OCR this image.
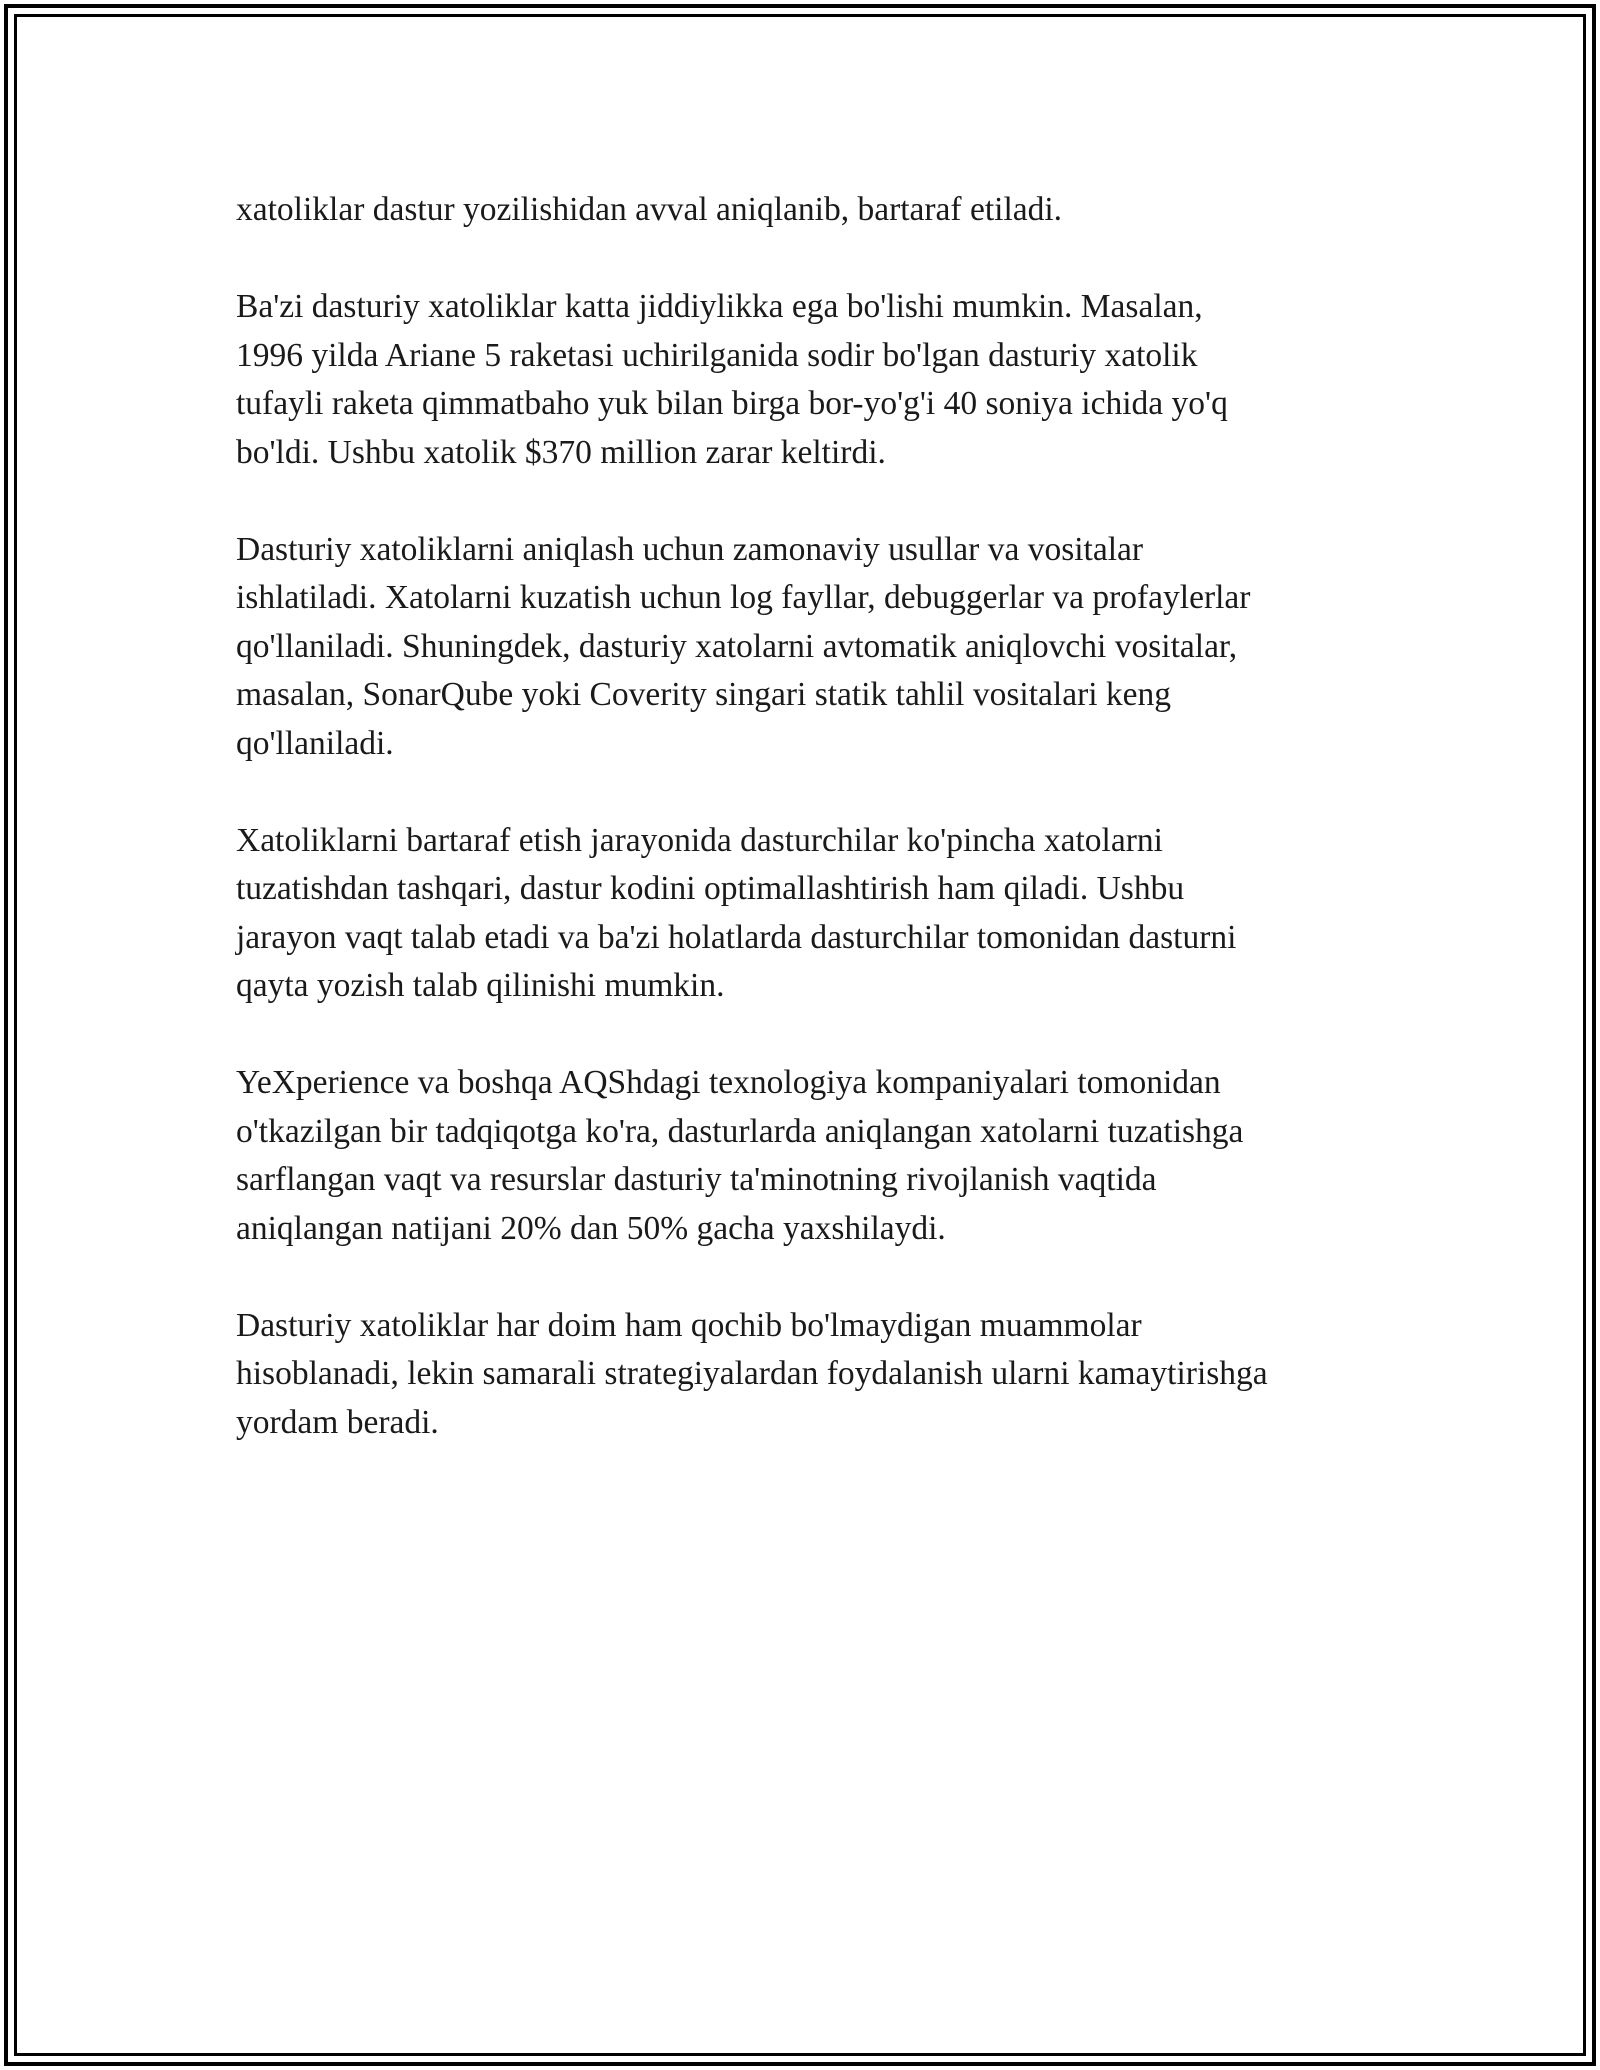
xatoliklar dastur yozilishidan avval aniqlanib, bartaraf etiladi.

Ba'zi dasturiy xatoliklar katta jiddiylikka ega bo'lishi mumkin. Masalan,
1996 yilda Ariane 5 raketasi uchirilganida sodir bo'lgan dasturiy xatolik
tufayli raketa qimmatbaho yuk bilan birga bor-yo'g'i 40 soniya ichida yo'q
bo'ldi. Ushbu xatolik $370 million zarar keltirdi.

Dasturiy xatoliklarni aniqlash uchun zamonaviy usullar va vositalar
ishlatiladi. Xatolarni kuzatish uchun log fayllar, debuggerlar va profaylerlar
qo'llaniladi. Shuningdek, dasturiy xatolarni avtomatik aniqlovchi vositalar,
masalan, SonarQube yoki Coverity singari statik tahlil vositalari keng
qo'llaniladi.

Xatoliklarni bartaraf etish jarayonida dasturchilar ko'pincha xatolarni
tuzatishdan tashqari, dastur kodini optimallashtirish ham qiladi. Ushbu
jarayon vaqt talab etadi va ba'zi holatlarda dasturchilar tomonidan dasturni
qayta yozish talab qilinishi mumkin.

YeXperience va boshqa AQShdagi texnologiya kompaniyalari tomonidan
o'tkazilgan bir tadqiqotga ko'ra, dasturlarda aniqlangan xatolarni tuzatishga
sarflangan vaqt va resurslar dasturiy ta'minotning rivojlanish vaqtida
aniqlangan natijani 20% dan 50% gacha yaxshilaydi.

Dasturiy xatoliklar har doim ham qochib bo'lmaydigan muammolar
hisoblanadi, lekin samarali strategiyalardan foydalanish ularni kamaytirishga
yordam beradi.
